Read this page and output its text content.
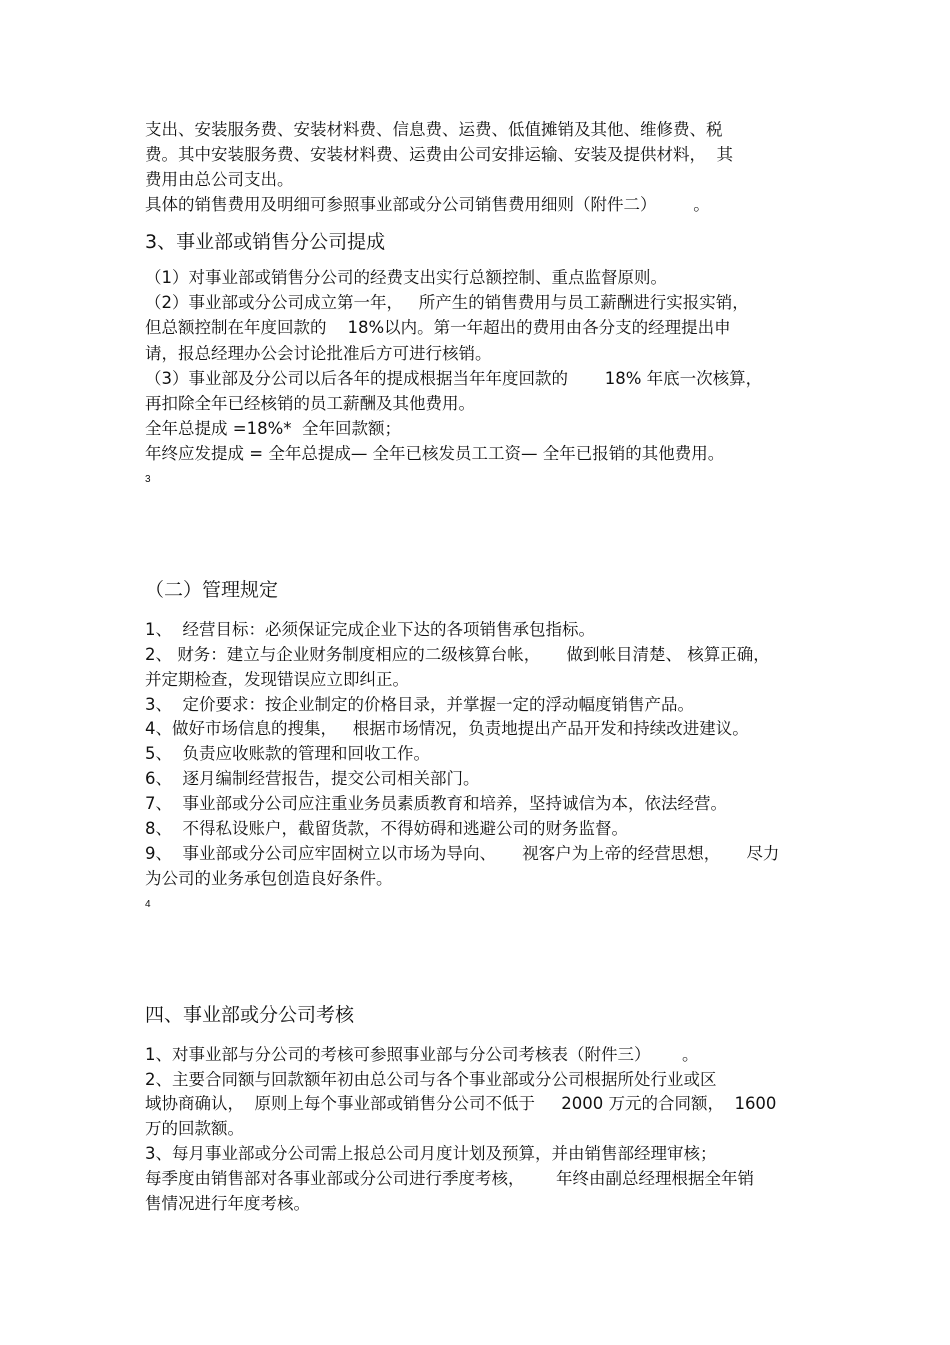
支出、安装服务费、安装材料费、信息费、运费、低值摊销及其他、维修费、税
费。其中安装服务费、安装材料费、运费由公司安排运输、安装及提供材料，  其
费用由总公司支出。
具体的销售费用及明细可参照事业部或分公司销售费用细则（附件二）       。
3、事业部或销售分公司提成
（1）对事业部或销售分公司的经费支出实行总额控制、重点监督原则。
（2）事业部或分公司成立第一年，   所产生的销售费用与员工薪酬进行实报实销，
但总额控制在年度回款的    18%以内。第一年超出的费用由各分支的经理提出申
请，报总经理办公会讨论批准后方可进行核销。
（3）事业部及分公司以后各年的提成根据当年年度回款的       18% 年底一次核算，
再扣除全年已经核销的员工薪酬及其他费用。
全年总提成 =18%*  全年回款额；
年终应发提成 = 全年总提成— 全年已核发员工工资— 全年已报销的其他费用。
3
（二）管理规定
1、  经营目标：必须保证完成企业下达的各项销售承包指标。
2、 财务：建立与企业财务制度相应的二级核算台帐，     做到帐目清楚、 核算正确，
并定期检查，发现错误应立即纠正。
3、  定价要求：按企业制定的价格目录，并掌握一定的浮动幅度销售产品。
4、做好市场信息的搜集，   根据市场情况，负责地提出产品开发和持续改进建议。
5、  负责应收账款的管理和回收工作。
6、  逐月编制经营报告，提交公司相关部门。
7、  事业部或分公司应注重业务员素质教育和培养，坚持诚信为本，依法经营。
8、  不得私设账户，截留货款，不得妨碍和逃避公司的财务监督。
9、  事业部或分公司应牢固树立以市场为导向、     视客户为上帝的经营思想，     尽力
为公司的业务承包创造良好条件。
4
四、事业部或分公司考核
1、对事业部与分公司的考核可参照事业部与分公司考核表（附件三）      。
2、主要合同额与回款额年初由总公司与各个事业部或分公司根据所处行业或区
域协商确认，  原则上每个事业部或销售分公司不低于     2000 万元的合同额，  1600
万的回款额。
3、每月事业部或分公司需上报总公司月度计划及预算，并由销售部经理审核；
每季度由销售部对各事业部或分公司进行季度考核，      年终由副总经理根据全年销
售情况进行年度考核。
